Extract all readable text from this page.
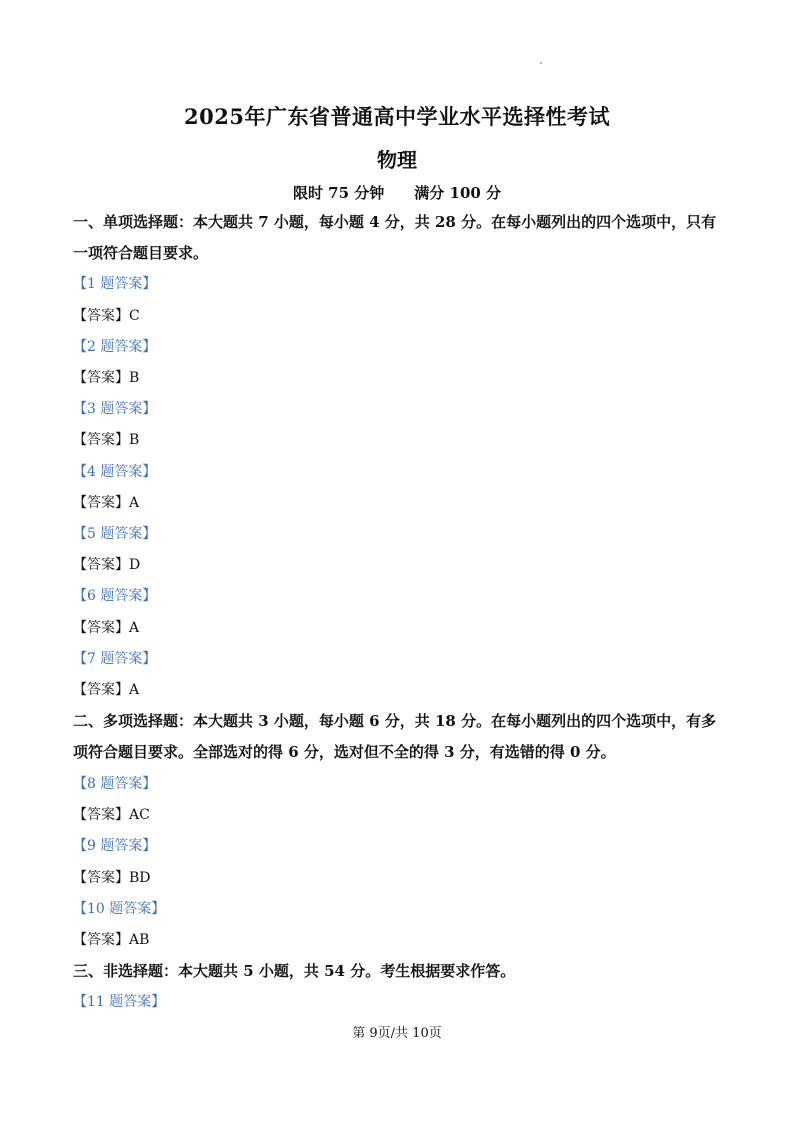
2025年广东省普通高中学业水平选择性考试
物理
限时 75 分钟 满分 100 分
一、单项选择题：本大题共 7 小题，每小题 4 分，共 28 分。在每小题列出的四个选项中，只有一项符合题目要求。
【1 题答案】
【答案】C
【2 题答案】
【答案】B
【3 题答案】
【答案】B
【4 题答案】
【答案】A
【5 题答案】
【答案】D
【6 题答案】
【答案】A
【7 题答案】
【答案】A
二、多项选择题：本大题共 3 小题，每小题 6 分，共 18 分。在每小题列出的四个选项中，有多项符合题目要求。全部选对的得 6 分，选对但不全的得 3 分，有选错的得 0 分。
【8 题答案】
【答案】AC
【9 题答案】
【答案】BD
【10 题答案】
【答案】AB
三、非选择题：本大题共 5 小题，共 54 分。考生根据要求作答。
【11 题答案】
第 9页/共 10页
